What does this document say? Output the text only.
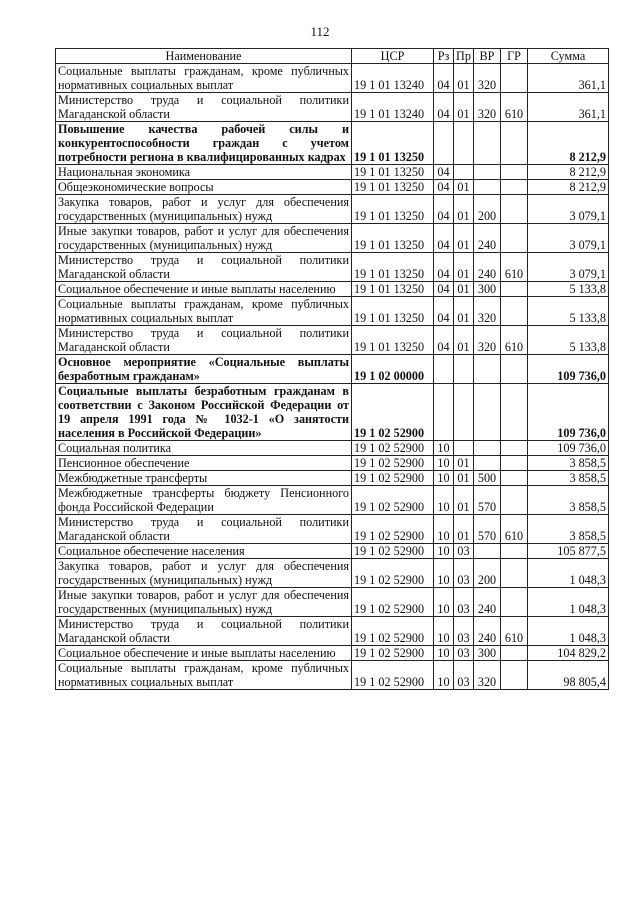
112
Наименование	ЦСР	Рз	Пр	ВР	ГР	Сумма
Социальные выплаты гражданам, кроме публичных нормативных социальных выплат	19 1 01 13240	04	01	320		361,1
Министерство труда и социальной политики Магаданской области	19 1 01 13240	04	01	320	610	361,1
Повышение качества рабочей силы и конкурентоспособности граждан с учетом потребности региона в квалифицированных кадрах	19 1 01 13250					8 212,9
Национальная экономика	19 1 01 13250	04				8 212,9
Общеэкономические вопросы	19 1 01 13250	04	01			8 212,9
Закупка товаров, работ и услуг для обеспечения государственных (муниципальных) нужд	19 1 01 13250	04	01	200		3 079,1
Иные закупки товаров, работ и услуг для обеспечения государственных (муниципальных) нужд	19 1 01 13250	04	01	240		3 079,1
Министерство труда и социальной политики Магаданской области	19 1 01 13250	04	01	240	610	3 079,1
Социальное обеспечение и иные выплаты населению	19 1 01 13250	04	01	300		5 133,8
Социальные выплаты гражданам, кроме публичных нормативных социальных выплат	19 1 01 13250	04	01	320		5 133,8
Министерство труда и социальной политики Магаданской области	19 1 01 13250	04	01	320	610	5 133,8
Основное мероприятие «Социальные выплаты безработным гражданам»	19 1 02 00000					109 736,0
Социальные выплаты безработным гражданам в соответствии с Законом Российской Федерации от 19 апреля 1991 года № 1032-1 «О занятости населения в Российской Федерации»	19 1 02 52900					109 736,0
Социальная политика	19 1 02 52900	10				109 736,0
Пенсионное обеспечение	19 1 02 52900	10	01			3 858,5
Межбюджетные трансферты	19 1 02 52900	10	01	500		3 858,5
Межбюджетные трансферты бюджету Пенсионного фонда Российской Федерации	19 1 02 52900	10	01	570		3 858,5
Министерство труда и социальной политики Магаданской области	19 1 02 52900	10	01	570	610	3 858,5
Социальное обеспечение населения	19 1 02 52900	10	03			105 877,5
Закупка товаров, работ и услуг для обеспечения государственных (муниципальных) нужд	19 1 02 52900	10	03	200		1 048,3
Иные закупки товаров, работ и услуг для обеспечения государственных (муниципальных) нужд	19 1 02 52900	10	03	240		1 048,3
Министерство труда и социальной политики Магаданской области	19 1 02 52900	10	03	240	610	1 048,3
Социальное обеспечение и иные выплаты населению	19 1 02 52900	10	03	300		104 829,2
Социальные выплаты гражданам, кроме публичных нормативных социальных выплат	19 1 02 52900	10	03	320		98 805,4
